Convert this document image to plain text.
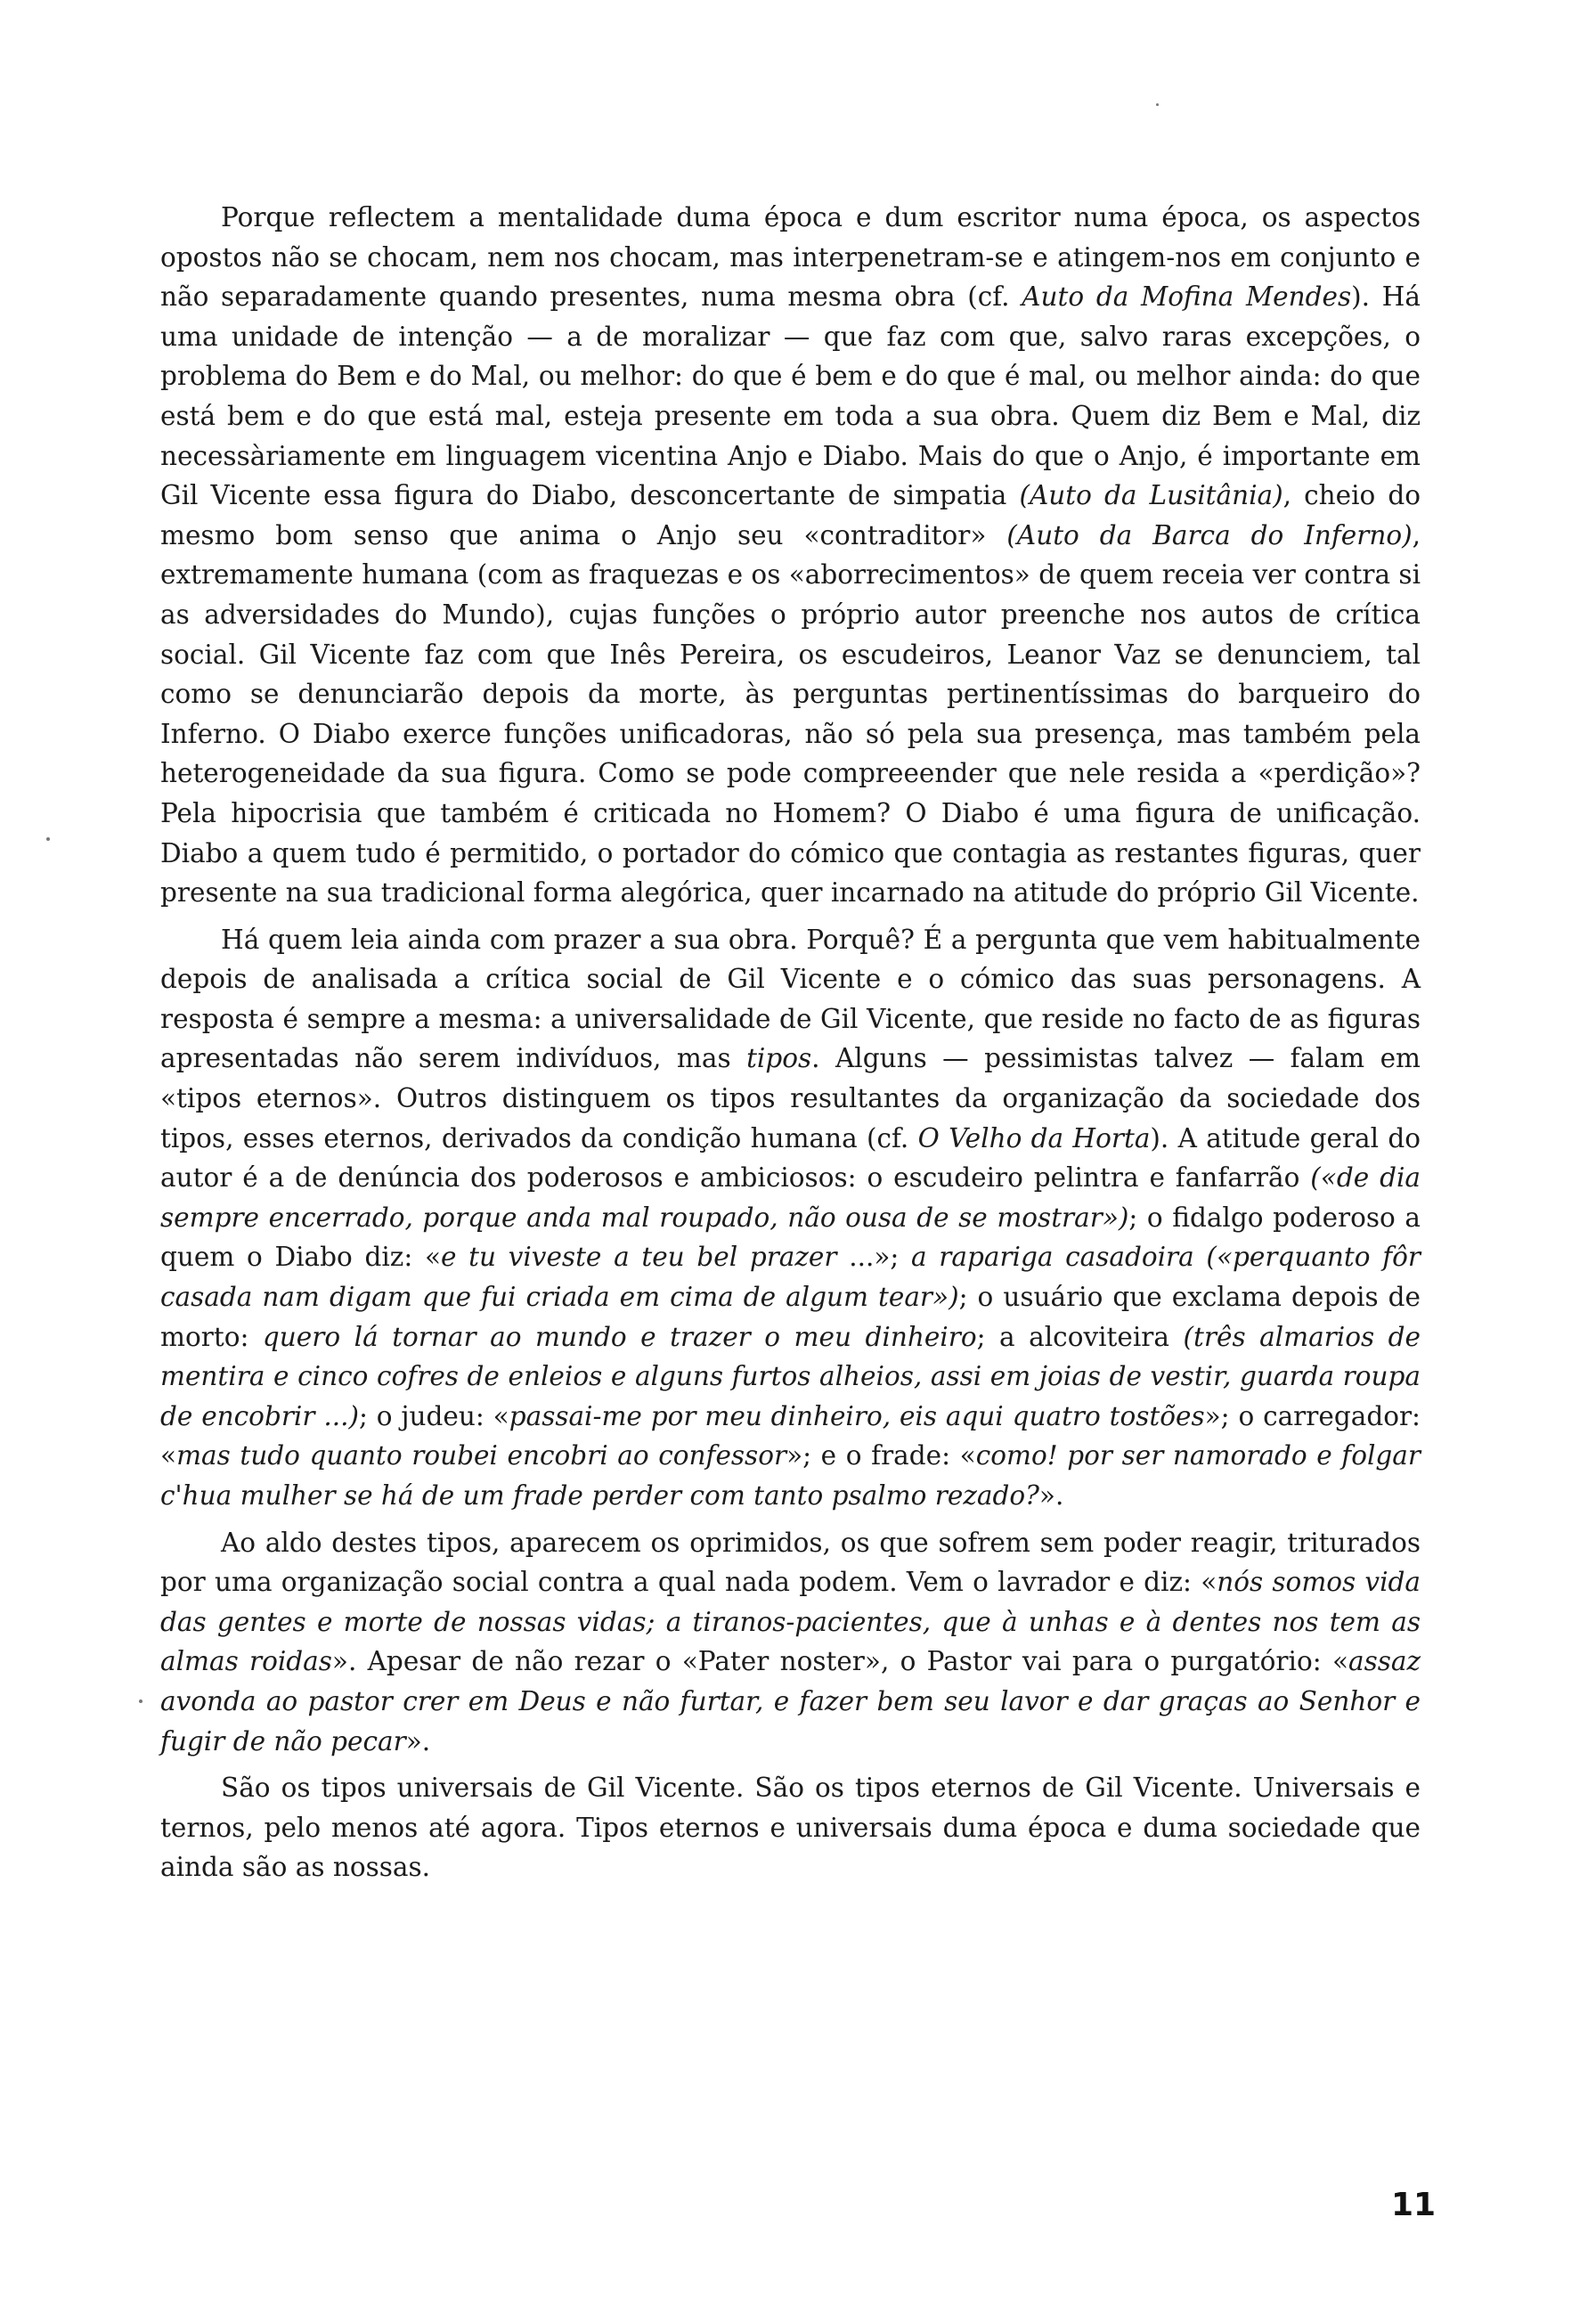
Porque reflectem a mentalidade duma época e dum escritor numa época, os aspectos opostos não se chocam, nem nos chocam, mas interpenetram-se e atingem-nos em conjunto e não separadamente quando presentes, numa mesma obra (cf. Auto da Mofina Mendes). Há uma unidade de intenção — a de moralizar — que faz com que, salvo raras excepções, o problema do Bem e do Mal, ou melhor: do que é bem e do que é mal, ou melhor ainda: do que está bem e do que está mal, esteja presente em toda a sua obra. Quem diz Bem e Mal, diz necessàriamente em linguagem vicentina Anjo e Diabo. Mais do que o Anjo, é importante em Gil Vicente essa figura do Diabo, desconcertante de simpatia (Auto da Lusitânia), cheio do mesmo bom senso que anima o Anjo seu «contraditor» (Auto da Barca do Inferno), extremamente humana (com as fraquezas e os «aborrecimentos» de quem receia ver contra si as adversidades do Mundo), cujas funções o próprio autor preenche nos autos de crítica social. Gil Vicente faz com que Inês Pereira, os escudeiros, Leanor Vaz se denunciem, tal como se denunciarão depois da morte, às perguntas pertinentíssimas do barqueiro do Inferno. O Diabo exerce funções unificadoras, não só pela sua presença, mas também pela heterogeneidade da sua figura. Como se pode compreeender que nele resida a «perdição»? Pela hipocrisia que também é criticada no Homem? O Diabo é uma figura de unificação. Diabo a quem tudo é permitido, o portador do cómico que contagia as restantes figuras, quer presente na sua tradicional forma alegórica, quer incarnado na atitude do próprio Gil Vicente.

Há quem leia ainda com prazer a sua obra. Porquê? É a pergunta que vem habitualmente depois de analisada a crítica social de Gil Vicente e o cómico das suas personagens. A resposta é sempre a mesma: a universalidade de Gil Vicente, que reside no facto de as figuras apresentadas não serem indivíduos, mas tipos. Alguns — pessimistas talvez — falam em «tipos eternos». Outros distinguem os tipos resultantes da organização da sociedade dos tipos, esses eternos, derivados da condição humana (cf. O Velho da Horta). A atitude geral do autor é a de denúncia dos poderosos e ambiciosos: o escudeiro pelintra e fanfarrão («de dia sempre encerrado, porque anda mal roupado, não ousa de se mostrar»); o fidalgo poderoso a quem o Diabo diz: «e tu viveste a teu bel prazer ...»; a rapariga casadoira («perquanto fôr casada nam digam que fui criada em cima de algum tear»); o usuário que exclama depois de morto: quero lá tornar ao mundo e trazer o meu dinheiro; a alcoviteira (três almarios de mentira e cinco cofres de enleios e alguns furtos alheios, assi em joias de vestir, guarda roupa de encobrir ...); o judeu: «passai-me por meu dinheiro, eis aqui quatro tostões»; o carregador: «mas tudo quanto roubei encobri ao confessor»; e o frade: «como! por ser namorado e folgar c'hua mulher se há de um frade perder com tanto psalmo rezado?».

Ao aldo destes tipos, aparecem os oprimidos, os que sofrem sem poder reagir, triturados por uma organização social contra a qual nada podem. Vem o lavrador e diz: «nós somos vida das gentes e morte de nossas vidas; a tiranos-pacientes, que à unhas e à dentes nos tem as almas roidas». Apesar de não rezar o «Pater noster», o Pastor vai para o purgatório: «assaz avonda ao pastor crer em Deus e não furtar, e fazer bem seu lavor e dar graças ao Senhor e fugir de não pecar».

São os tipos universais de Gil Vicente. São os tipos eternos de Gil Vicente. Universais e ternos, pelo menos até agora. Tipos eternos e universais duma época e duma sociedade que ainda são as nossas.

11
